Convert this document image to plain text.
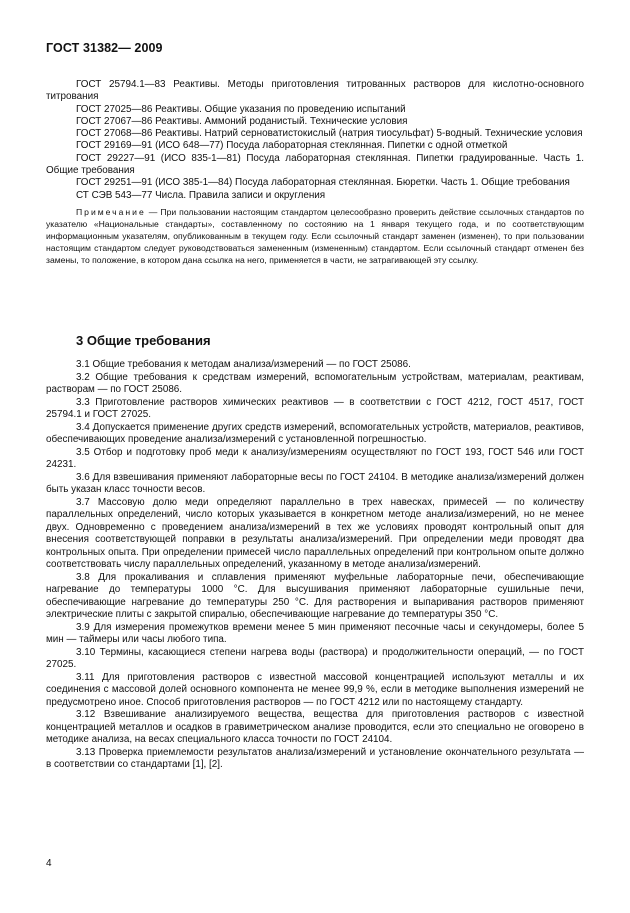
ГОСТ 31382— 2009

ГОСТ 25794.1—83 Реактивы. Методы приготовления титрованных растворов для кислотно-основного титрования

ГОСТ 27025—86 Реактивы. Общие указания по проведению испытаний

ГОСТ 27067—86 Реактивы. Аммоний роданистый. Технические условия

ГОСТ 27068—86 Реактивы. Натрий серноватистокислый (натрия тиосульфат) 5-водный. Технические условия

ГОСТ 29169—91 (ИСО 648—77) Посуда лабораторная стеклянная. Пипетки с одной отметкой

ГОСТ 29227—91 (ИСО 835-1—81) Посуда лабораторная стеклянная. Пипетки градуированные. Часть 1. Общие требования

ГОСТ 29251—91 (ИСО 385-1—84) Посуда лабораторная стеклянная. Бюретки. Часть 1. Общие требования

СТ СЭВ 543—77 Числа. Правила записи и округления

Примечание — При пользовании настоящим стандартом целесообразно проверить действие ссылочных стандартов по указателю «Национальные стандарты», составленному по состоянию на 1 января текущего года, и по соответствующим информационным указателям, опубликованным в текущем году. Если ссылочный стандарт заменен (изменен), то при пользовании настоящим стандартом следует руководствоваться замененным (измененным) стандартом. Если ссылочный стандарт отменен без замены, то положение, в котором дана ссылка на него, применяется в части, не затрагивающей эту ссылку.

3 Общие требования

3.1 Общие требования к методам анализа/измерений — по ГОСТ 25086.

3.2 Общие требования к средствам измерений, вспомогательным устройствам, материалам, реактивам, растворам — по ГОСТ 25086.

3.3 Приготовление растворов химических реактивов — в соответствии с ГОСТ 4212, ГОСТ 4517, ГОСТ 25794.1 и ГОСТ 27025.

3.4 Допускается применение других средств измерений, вспомогательных устройств, материалов, реактивов, обеспечивающих проведение анализа/измерений с установленной погрешностью.

3.5 Отбор и подготовку проб меди к анализу/измерениям осуществляют по ГОСТ 193, ГОСТ 546 или ГОСТ 24231.

3.6 Для взвешивания применяют лабораторные весы по ГОСТ 24104. В методике анализа/измерений должен быть указан класс точности весов.

3.7 Массовую долю меди определяют параллельно в трех навесках, примесей — по количеству параллельных определений, число которых указывается в конкретном методе анализа/измерений, но не менее двух. Одновременно с проведением анализа/измерений в тех же условиях проводят контрольный опыт для внесения соответствующей поправки в результаты анализа/измерений. При определении меди проводят два контрольных опыта. При определении примесей число параллельных определений при контрольном опыте должно соответствовать числу параллельных определений, указанному в методе анализа/измерений.

3.8 Для прокаливания и сплавления применяют муфельные лабораторные печи, обеспечивающие нагревание до температуры 1000 °С. Для высушивания применяют лабораторные сушильные печи, обеспечивающие нагревание до температуры 250 °С. Для растворения и выпаривания растворов применяют электрические плиты с закрытой спиралью, обеспечивающие нагревание до температуры 350 °С.

3.9 Для измерения промежутков времени менее 5 мин применяют песочные часы и секундомеры, более 5 мин — таймеры или часы любого типа.

3.10 Термины, касающиеся степени нагрева воды (раствора) и продолжительности операций, — по ГОСТ 27025.

3.11 Для приготовления растворов с известной массовой концентрацией используют металлы и их соединения с массовой долей основного компонента не менее 99,9 %, если в методике выполнения измерений не предусмотрено иное. Способ приготовления растворов — по ГОСТ 4212 или по настоящему стандарту.

3.12 Взвешивание анализируемого вещества, вещества для приготовления растворов с известной концентрацией металлов и осадков в гравиметрическом анализе проводится, если это специально не оговорено в методике анализа, на весах специального класса точности по ГОСТ 24104.

3.13 Проверка приемлемости результатов анализа/измерений и установление окончательного результата — в соответствии со стандартами [1], [2].

4
